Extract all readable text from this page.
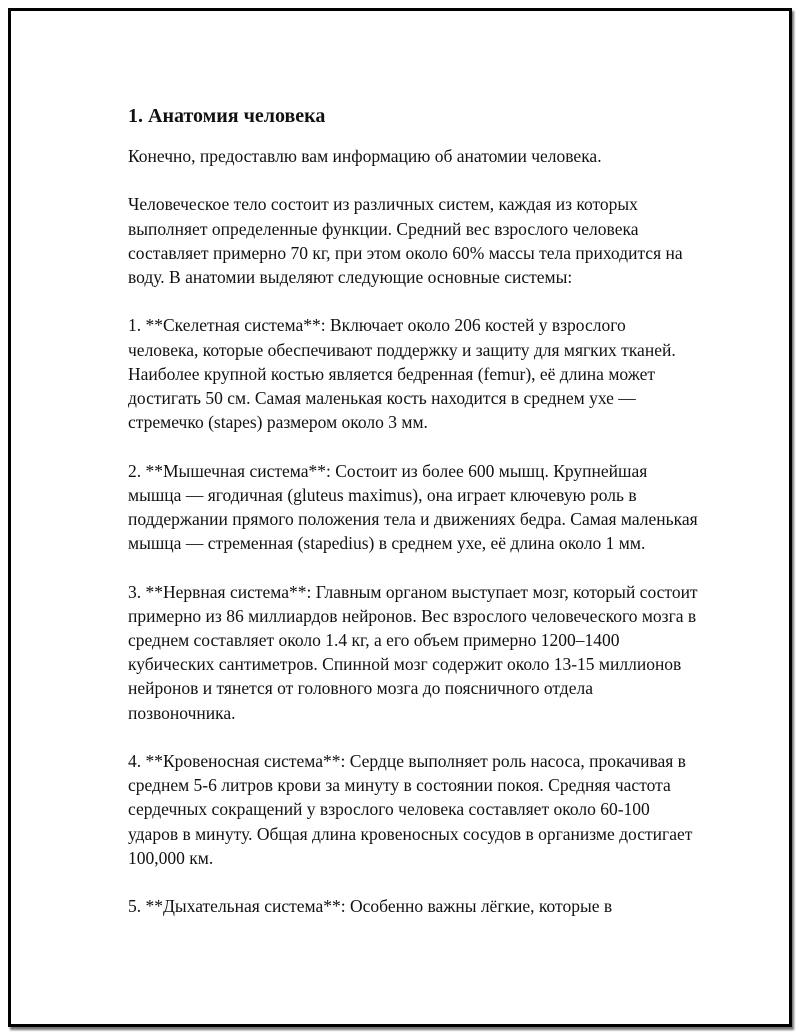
1. Анатомия человека

Конечно, предоставлю вам информацию об анатомии человека.

Человеческое тело состоит из различных систем, каждая из которых выполняет определенные функции. Средний вес взрослого человека составляет примерно 70 кг, при этом около 60% массы тела приходится на воду. В анатомии выделяют следующие основные системы:

1. **Скелетная система**: Включает около 206 костей у взрослого человека, которые обеспечивают поддержку и защиту для мягких тканей. Наиболее крупной костью является бедренная (femur), её длина может достигать 50 см. Самая маленькая кость находится в среднем ухе — стремечко (stapes) размером около 3 мм.

2. **Мышечная система**: Состоит из более 600 мышц. Крупнейшая мышца — ягодичная (gluteus maximus), она играет ключевую роль в поддержании прямого положения тела и движениях бедра. Самая маленькая мышца — стременная (stapedius) в среднем ухе, её длина около 1 мм.

3. **Нервная система**: Главным органом выступает мозг, который состоит примерно из 86 миллиардов нейронов. Вес взрослого человеческого мозга в среднем составляет около 1.4 кг, а его объем примерно 1200–1400 кубических сантиметров. Спинной мозг содержит около 13-15 миллионов нейронов и тянется от головного мозга до поясничного отдела позвоночника.

4. **Кровеносная система**: Сердце выполняет роль насоса, прокачивая в среднем 5-6 литров крови за минуту в состоянии покоя. Средняя частота сердечных сокращений у взрослого человека составляет около 60-100 ударов в минуту. Общая длина кровеносных сосудов в организме достигает 100,000 км.

5. **Дыхательная система**: Особенно важны лёгкие, которые в
